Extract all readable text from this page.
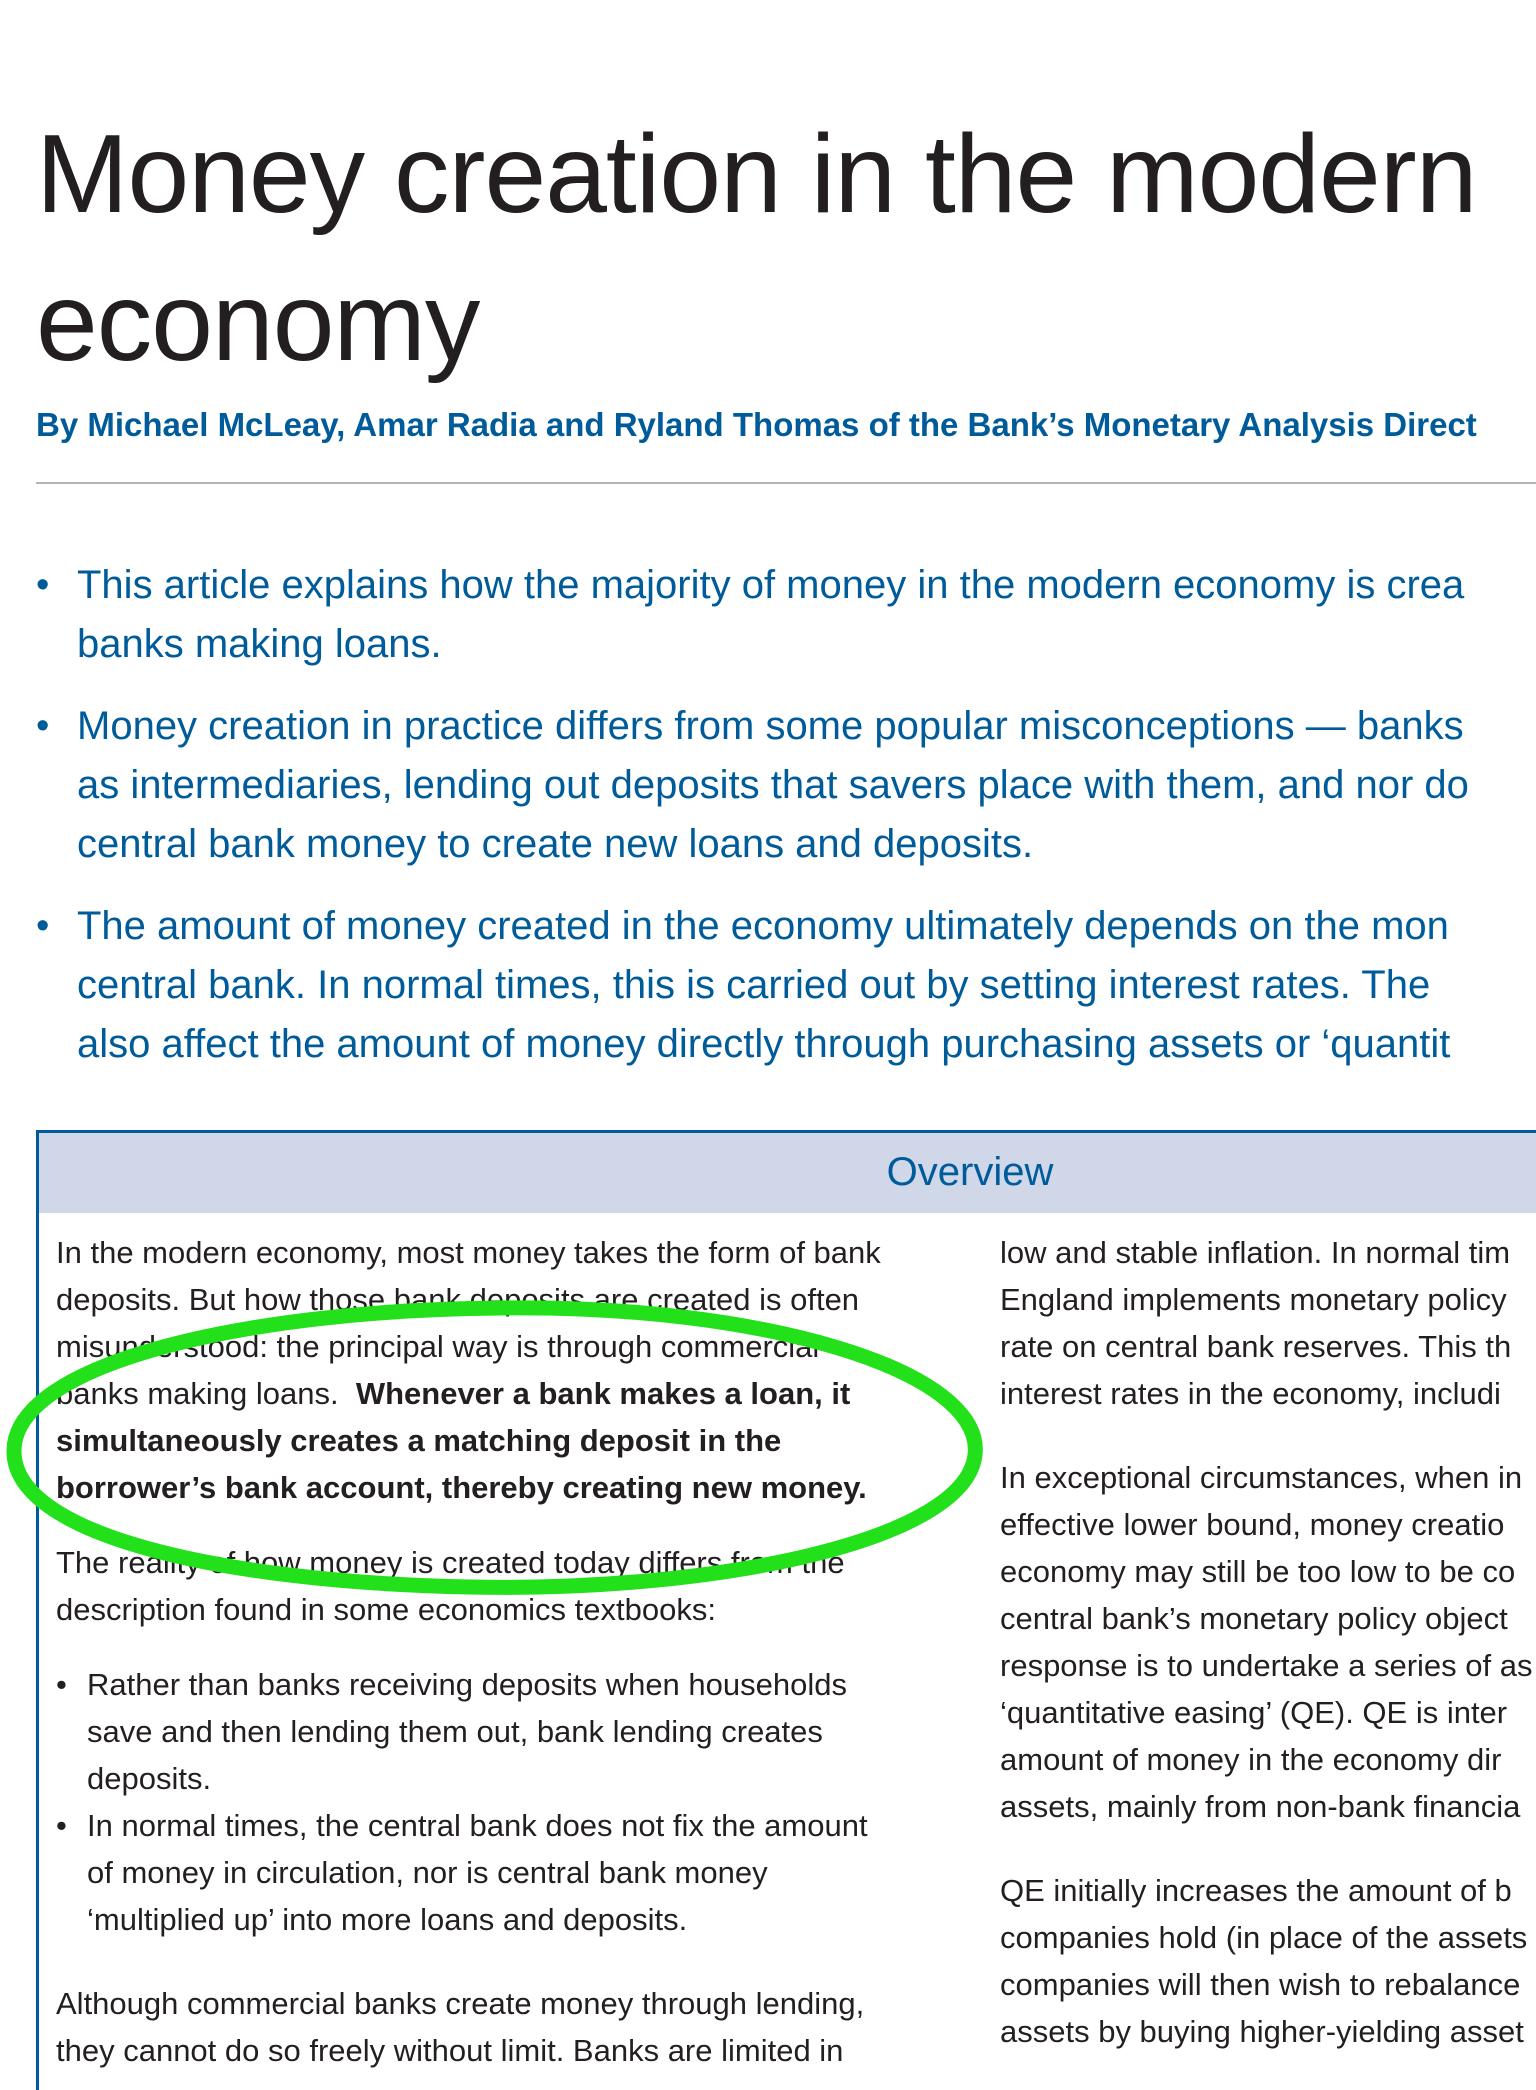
Money creation in the modern
economy
By Michael McLeay, Amar Radia and Ryland Thomas of the Bank’s Monetary Analysis Direct
• This article explains how the majority of money in the modern economy is crea
banks making loans.
• Money creation in practice differs from some popular misconceptions — banks
as intermediaries, lending out deposits that savers place with them, and nor do
central bank money to create new loans and deposits.
• The amount of money created in the economy ultimately depends on the mon
central bank. In normal times, this is carried out by setting interest rates. The
also affect the amount of money directly through purchasing assets or ‘quantit
Overview

In the modern economy, most money takes the form of bank
deposits. But how those bank deposits are created is often
misunderstood: the principal way is through commercial
banks making loans.  Whenever a bank makes a loan, it
simultaneously creates a matching deposit in the
borrower’s bank account, thereby creating new money.

The reality of how money is created today differs from the
description found in some economics textbooks:

• Rather than banks receiving deposits when households
save and then lending them out, bank lending creates
deposits.
• In normal times, the central bank does not fix the amount
of money in circulation, nor is central bank money
‘multiplied up’ into more loans and deposits.

Although commercial banks create money through lending,
they cannot do so freely without limit. Banks are limited in

low and stable inflation. In normal tim
England implements monetary policy
rate on central bank reserves. This th
interest rates in the economy, includi

In exceptional circumstances, when in
effective lower bound, money creatio
economy may still be too low to be co
central bank’s monetary policy object
response is to undertake a series of as
‘quantitative easing’ (QE). QE is inter
amount of money in the economy dir
assets, mainly from non-bank financia

QE initially increases the amount of b
companies hold (in place of the assets
companies will then wish to rebalance
assets by buying higher-yielding asset
